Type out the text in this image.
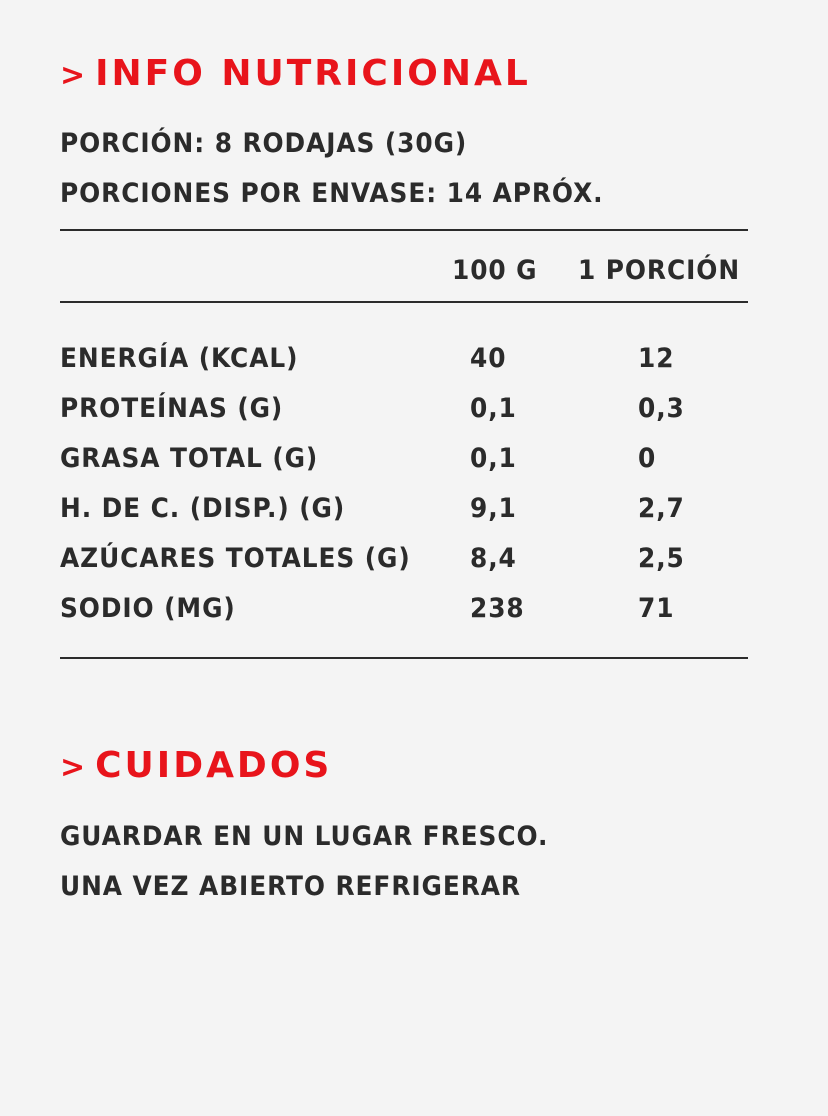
> INFO NUTRICIONAL

PORCIÓN: 8 RODAJAS (30G)

PORCIONES POR ENVASE: 14 APRÓX.

100 G 1 PORCIÓN
ENERGÍA (KCAL)	40	12
PROTEÍNAS (G)	0,1	0,3
GRASA TOTAL (G)	0,1	0
H. DE C. (DISP.) (G)	9,1	2,7
AZÚCARES TOTALES (G) 8,4	2,5
SODIO (MG)	238	71
> CUIDADOS

GUARDAR EN UN LUGAR FRESCO.

UNA VEZ ABIERTO REFRIGERAR
